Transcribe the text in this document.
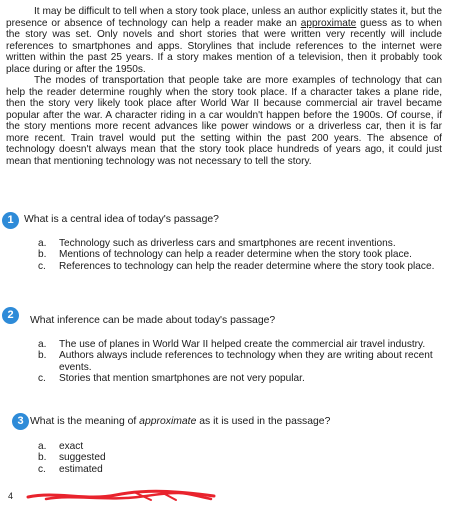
It may be difficult to tell when a story took place, unless an author explicitly states it, but the presence or absence of technology can help a reader make an approximate guess as to when the story was set. Only novels and short stories that were written very recently will include references to smartphones and apps. Storylines that include references to the internet were written within the past 25 years. If a story makes mention of a television, then it probably took place during or after the 1950s.

The modes of transportation that people take are more examples of technology that can help the reader determine roughly when the story took place. If a character takes a plane ride, then the story very likely took place after World War II because commercial air travel became popular after the war. A character riding in a car wouldn't happen before the 1900s. Of course, if the story mentions more recent advances like power windows or a driverless car, then it is far more recent. Train travel would put the setting within the past 200 years. The absence of technology doesn't always mean that the story took place hundreds of years ago, it could just mean that mentioning technology was not necessary to tell the story.

1	What is a central idea of today's passage?
a. Technology such as driverless cars and smartphones are recent inventions.
b. Mentions of technology can help a reader determine when the story took place.
c. References to technology can help the reader determine where the story took place.
2	What inference can be made about today's passage?
a. The use of planes in World War II helped create the commercial air travel industry.
b. Authors always include references to technology when they are writing about recent events.
c. Stories that mention smartphones are not very popular.
3 What is the meaning of approximate as it is used in the passage?
a. exact
b. suggested
c. estimated
4
